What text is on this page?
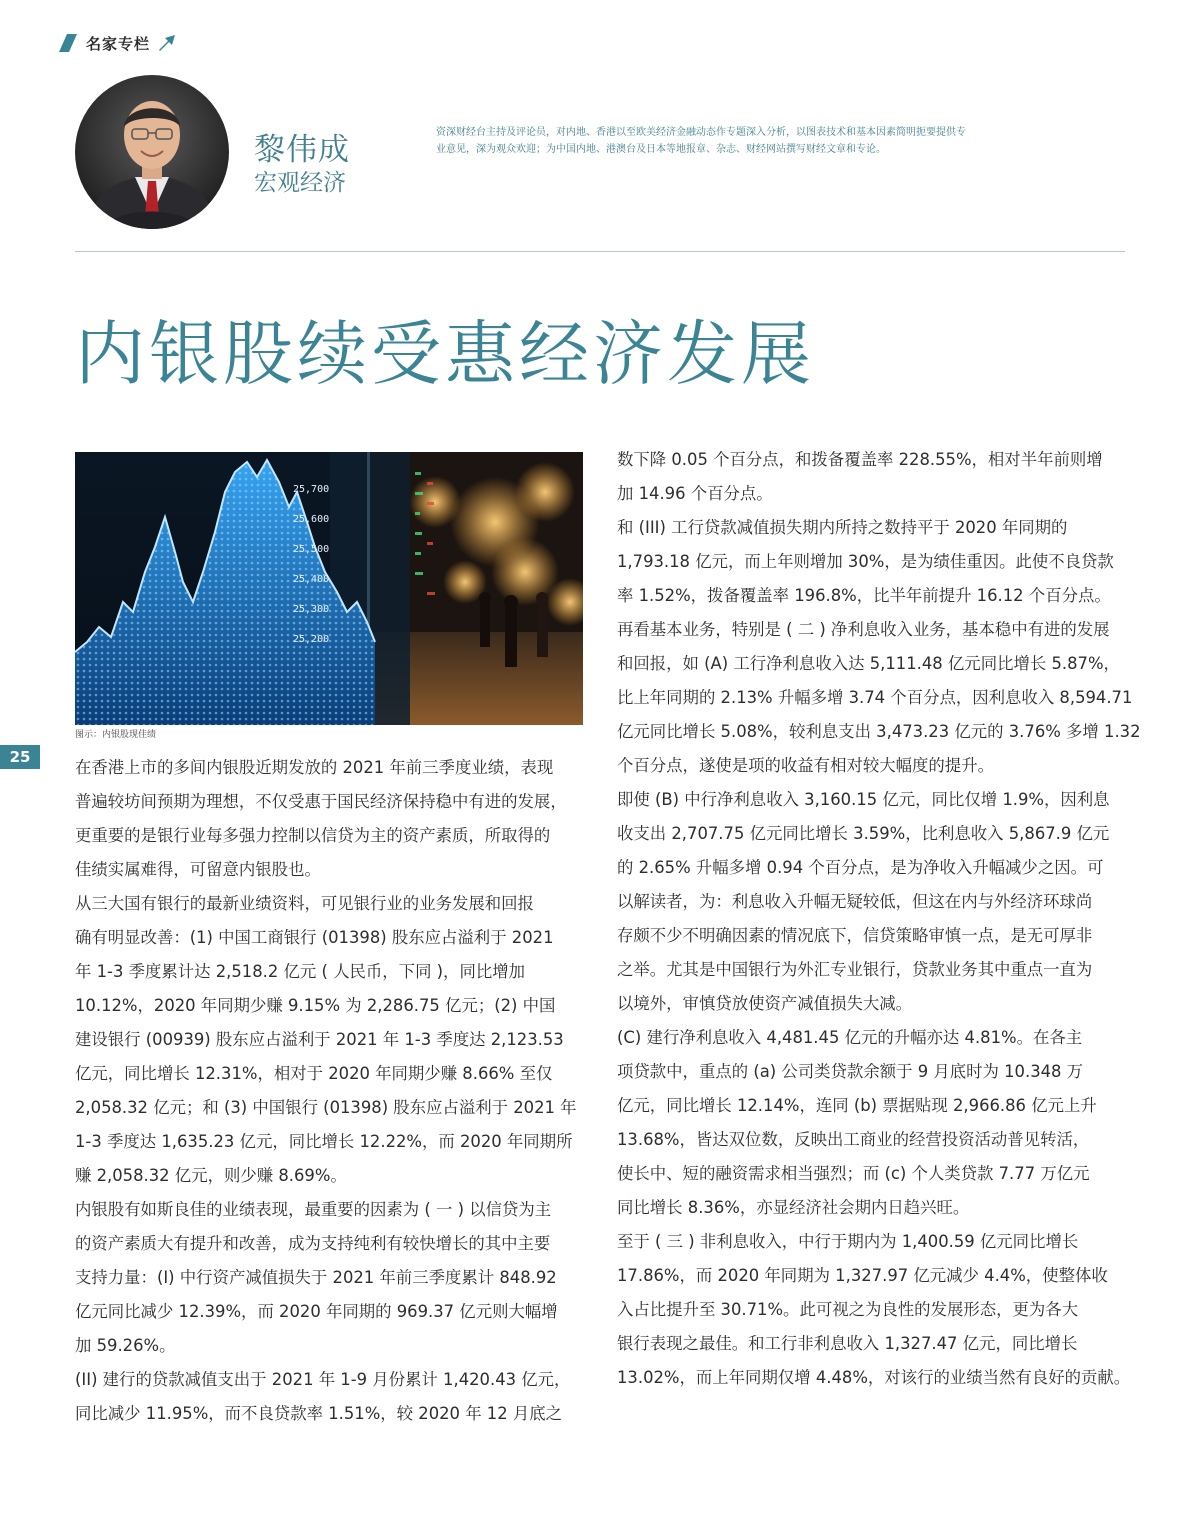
名家专栏
黎伟成
宏观经济
资深财经台主持及评论员，对内地、香港以至欧美经济金融动态作专题深入分析，以图表技术和基本因素简明扼要提供专
业意见，深为观众欢迎；为中国内地、港澳台及日本等地报章、杂志、财经网站撰写财经文章和专论。
内银股续受惠经济发展
25,700
25,600
25,500
25,400
25,300
25,200
图示：内银股现佳绩
25

在香港上市的多间内银股近期发放的 2021 年前三季度业绩，表现

普遍较坊间预期为理想，不仅受惠于国民经济保持稳中有进的发展，

更重要的是银行业每多强力控制以信贷为主的资产素质，所取得的

佳绩实属难得，可留意内银股也。

从三大国有银行的最新业绩资料，可见银行业的业务发展和回报

确有明显改善：(1) 中国工商银行 (01398) 股东应占溢利于 2021

年 1-3 季度累计达 2,518.2 亿元 ( 人民币，下同 )，同比增加

10.12%，2020 年同期少赚 9.15% 为 2,286.75 亿元；(2) 中国

建设银行 (00939) 股东应占溢利于 2021 年 1-3 季度达 2,123.53

亿元，同比增长 12.31%，相对于 2020 年同期少赚 8.66% 至仅

2,058.32 亿元；和 (3) 中国银行 (01398) 股东应占溢利于 2021 年

1-3 季度达 1,635.23 亿元，同比增长 12.22%，而 2020 年同期所

赚 2,058.32 亿元，则少赚 8.69%。

内银股有如斯良佳的业绩表现，最重要的因素为 ( 一 ) 以信贷为主

的资产素质大有提升和改善，成为支持纯利有较快增长的其中主要

支持力量：(I) 中行资产减值损失于 2021 年前三季度累计 848.92

亿元同比减少 12.39%，而 2020 年同期的 969.37 亿元则大幅增

加 59.26%。

(II) 建行的贷款减值支出于 2021 年 1-9 月份累计 1,420.43 亿元，

同比减少 11.95%，而不良贷款率 1.51%，较 2020 年 12 月底之

数下降 0.05 个百分点，和拨备覆盖率 228.55%，相对半年前则增

加 14.96 个百分点。

和 (III) 工行贷款减值损失期内所持之数持平于 2020 年同期的

1,793.18 亿元，而上年则增加 30%，是为绩佳重因。此使不良贷款

率 1.52%，拨备覆盖率 196.8%，比半年前提升 16.12 个百分点。

再看基本业务，特别是 ( 二 ) 净利息收入业务，基本稳中有进的发展

和回报，如 (A) 工行净利息收入达 5,111.48 亿元同比增长 5.87%，

比上年同期的 2.13% 升幅多增 3.74 个百分点，因利息收入 8,594.71

亿元同比增长 5.08%，较利息支出 3,473.23 亿元的 3.76% 多增 1.32

个百分点，遂使是项的收益有相对较大幅度的提升。

即使 (B) 中行净利息收入 3,160.15 亿元，同比仅增 1.9%，因利息

收支出 2,707.75 亿元同比增长 3.59%，比利息收入 5,867.9 亿元

的 2.65% 升幅多增 0.94 个百分点，是为净收入升幅减少之因。可

以解读者，为：利息收入升幅无疑较低，但这在内与外经济环球尚

存颇不少不明确因素的情况底下，信贷策略审慎一点，是无可厚非

之举。尤其是中国银行为外汇专业银行，贷款业务其中重点一直为

以境外，审慎贷放使资产减值损失大减。

(C) 建行净利息收入 4,481.45 亿元的升幅亦达 4.81%。在各主

项贷款中，重点的 (a) 公司类贷款余额于 9 月底时为 10.348 万

亿元，同比增长 12.14%，连同 (b) 票据贴现 2,966.86 亿元上升

13.68%，皆达双位数，反映出工商业的经营投资活动普见转活，

使长中、短的融资需求相当强烈；而 (c) 个人类贷款 7.77 万亿元

同比增长 8.36%，亦显经济社会期内日趋兴旺。

至于 ( 三 ) 非利息收入，中行于期内为 1,400.59 亿元同比增长

17.86%，而 2020 年同期为 1,327.97 亿元减少 4.4%，使整体收

入占比提升至 30.71%。此可视之为良性的发展形态，更为各大

银行表现之最佳。和工行非利息收入 1,327.47 亿元，同比增长

13.02%，而上年同期仅增 4.48%，对该行的业绩当然有良好的贡献。
